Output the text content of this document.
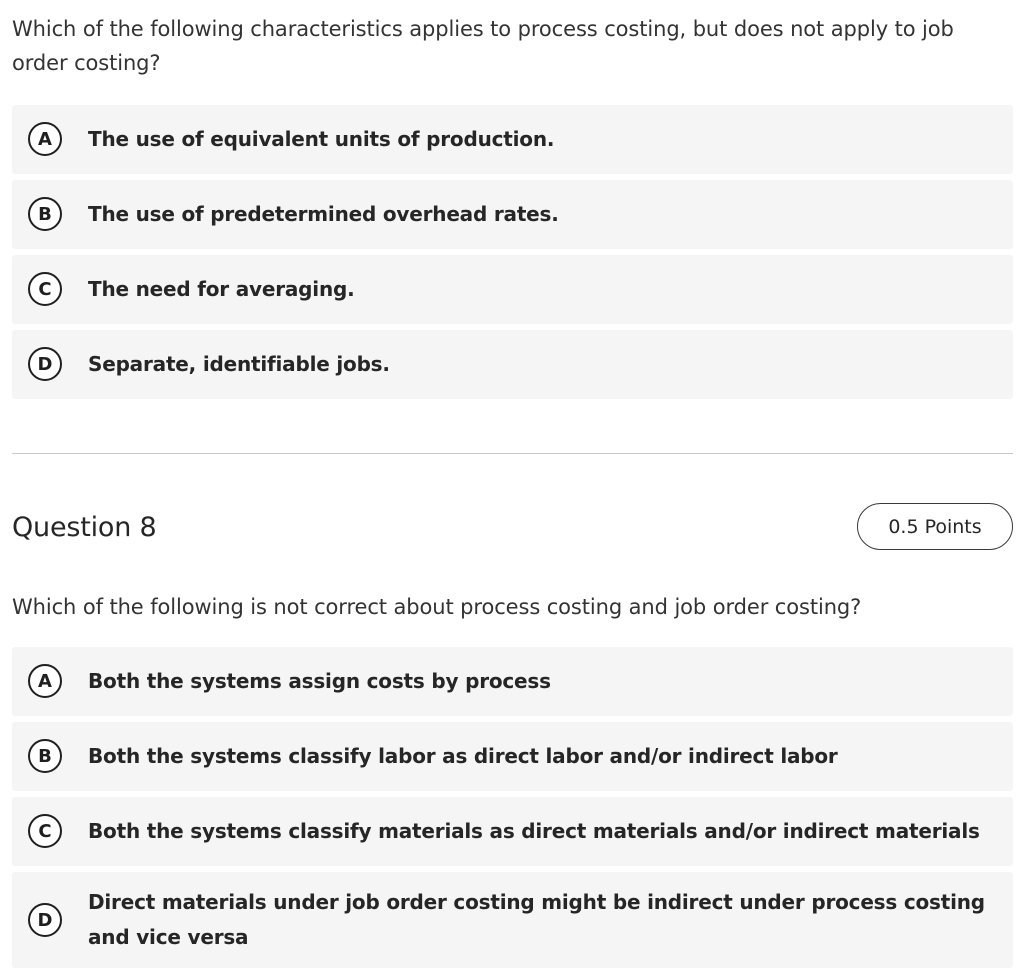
Which of the following characteristics applies to process costing, but does not apply to job order costing?
A	The use of equivalent units of production.
B	The use of predetermined overhead rates.
C	The need for averaging.
D	Separate, identifiable jobs.
Question 8	0.5 Points
Which of the following is not correct about process costing and job order costing?
A	Both the systems assign costs by process
B	Both the systems classify labor as direct labor and/or indirect labor
C	Both the systems classify materials as direct materials and/or indirect materials
D
Direct materials under job order costing might be indirect under process costing and vice versa
